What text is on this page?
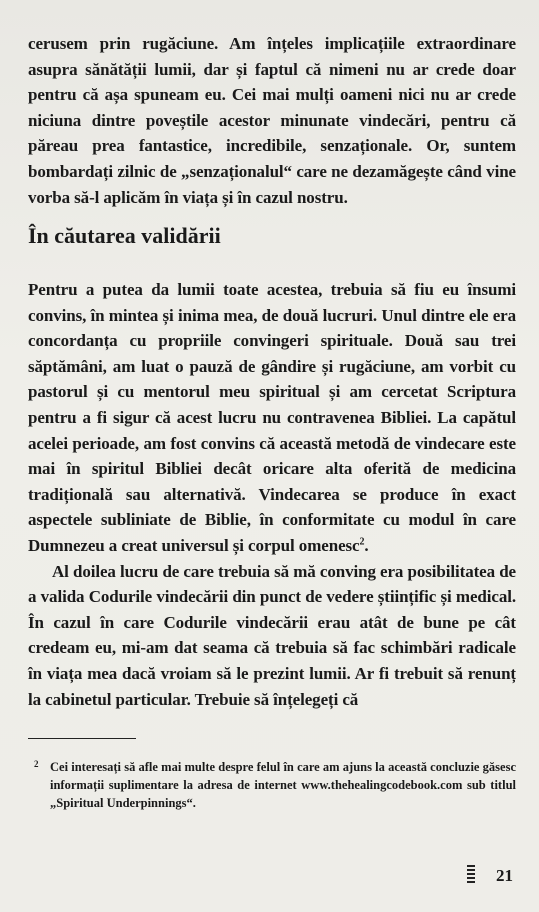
cerusem prin rugăciune. Am înțeles implicațiile extraordinare asupra sănătății lumii, dar și faptul că nimeni nu ar crede doar pentru că așa spuneam eu. Cei mai mulți oameni nici nu ar crede niciuna dintre poveștile acestor minunate vindecări, pentru că păreau prea fantastice, incredibile, senzaționale. Or, suntem bombardați zilnic de „senzaționalul“ care ne dezamăgește când vine vorba să-l aplicăm în viața și în cazul nostru.

În căutarea validării

Pentru a putea da lumii toate acestea, trebuia să fiu eu însumi convins, în mintea și inima mea, de două lucruri. Unul dintre ele era concordanța cu propriile convingeri spirituale. Două sau trei săptămâni, am luat o pauză de gândire și rugăciune, am vorbit cu pastorul și cu mentorul meu spiritual și am cercetat Scriptura pentru a fi sigur că acest lucru nu contravenea Bibliei. La capătul acelei perioade, am fost convins că această metodă de vindecare este mai în spiritul Bibliei decât oricare alta oferită de medicina tradițională sau alternativă. Vindecarea se produce în exact aspectele subliniate de Biblie, în conformitate cu modul în care Dumnezeu a creat universul și corpul omenesc$^2$.

Al doilea lucru de care trebuia să mă conving era posibilitatea de a valida Codurile vindecării din punct de vedere științific și medical. În cazul în care Codurile vindecării erau atât de bune pe cât credeam eu, mi-am dat seama că trebuia să fac schimbări radicale în viața mea dacă vroiam să le prezint lumii. Ar fi trebuit să renunț la cabinetul particular. Trebuie să înțelegeți că

2 Cei interesați să afle mai multe despre felul în care am ajuns la această concluzie găsesc informații suplimentare la adresa de internet www.thehealingcodebook.com sub titlul „Spiritual Underpinnings“.
21
